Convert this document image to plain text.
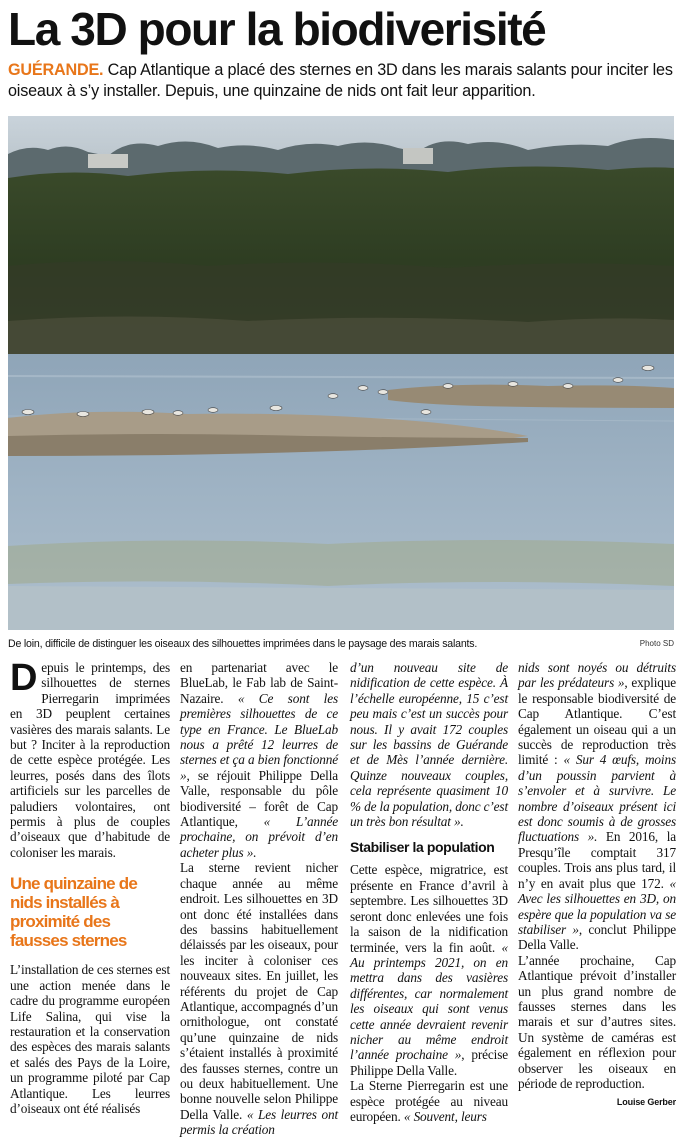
La 3D pour la biodiverisité
GUÉRANDE. Cap Atlantique a placé des sternes en 3D dans les marais salants pour inciter les oiseaux à s’y installer. Depuis, une quinzaine de nids ont fait leur apparition.
De loin, difficile de distinguer les oiseaux des silhouettes imprimées dans le paysage des marais salants.	Photo SD

Depuis le printemps, des silhouettes de sternes Pierregarin imprimées en 3D peuplent certaines vasières des marais salants. Le but ? Inciter à la reproduction de cette espèce protégée. Les leurres, posés dans des îlots artificiels sur les parcelles de paludiers volontaires, ont permis à plus de couples d’oiseaux que d’habitude de coloniser les marais.

Une quinzaine de nids installés à proximité des fausses sternes

L’installation de ces sternes est une action menée dans le cadre du programme européen Life Salina, qui vise la restauration et la conservation des espèces des marais salants et salés des Pays de la Loire, un programme piloté par Cap Atlantique. Les leurres d’oiseaux ont été réalisés

en partenariat avec le BlueLab, le Fab lab de Saint-Nazaire. « Ce sont les premières silhouettes de ce type en France. Le BlueLab nous a prêté 12 leurres de sternes et ça a bien fonctionné », se réjouit Philippe Della Valle, responsable du pôle biodiversité – forêt de Cap Atlantique, « L’année prochaine, on prévoit d’en acheter plus ».

La sterne revient nicher chaque année au même endroit. Les silhouettes en 3D ont donc été installées dans des bassins habituellement délaissés par les oiseaux, pour les inciter à coloniser ces nouveaux sites. En juillet, les référents du projet de Cap Atlantique, accompagnés d’un ornithologue, ont constaté qu’une quinzaine de nids s’étaient installés à proximité des fausses sternes, contre un ou deux habituellement. Une bonne nouvelle selon Philippe Della Valle. « Les leurres ont permis la création

d’un nouveau site de nidification de cette espèce. À l’échelle européenne, 15 c’est peu mais c’est un succès pour nous. Il y avait 172 couples sur les bassins de Guérande et de Mès l’année dernière. Quinze nouveaux couples, cela représente quasiment 10 % de la population, donc c’est un très bon résultat ».

Stabiliser la population

Cette espèce, migratrice, est présente en France d’avril à septembre. Les silhouettes 3D seront donc enlevées une fois la saison de la nidification terminée, vers la fin août. « Au printemps 2021, on en mettra dans des vasières différentes, car normalement les oiseaux qui sont venus cette année devraient revenir nicher au même endroit l’année prochaine », précise Philippe Della Valle.

La Sterne Pierregarin est une espèce protégée au niveau européen. « Souvent, leurs

nids sont noyés ou détruits par les prédateurs », explique le responsable biodiversité de Cap Atlantique. C’est également un oiseau qui a un succès de reproduction très limité : « Sur 4 œufs, moins d’un poussin parvient à s’envoler et à survivre. Le nombre d’oiseaux présent ici est donc soumis à de grosses fluctuations ». En 2016, la Presqu’île comptait 317 couples. Trois ans plus tard, il n’y en avait plus que 172. « Avec les silhouettes en 3D, on espère que la population va se stabiliser », conclut Philippe Della Valle.

L’année prochaine, Cap Atlantique prévoit d’installer un plus grand nombre de fausses sternes dans les marais et sur d’autres sites. Un système de caméras est également en réflexion pour observer les oiseaux en période de reproduction.

Louise Gerber
